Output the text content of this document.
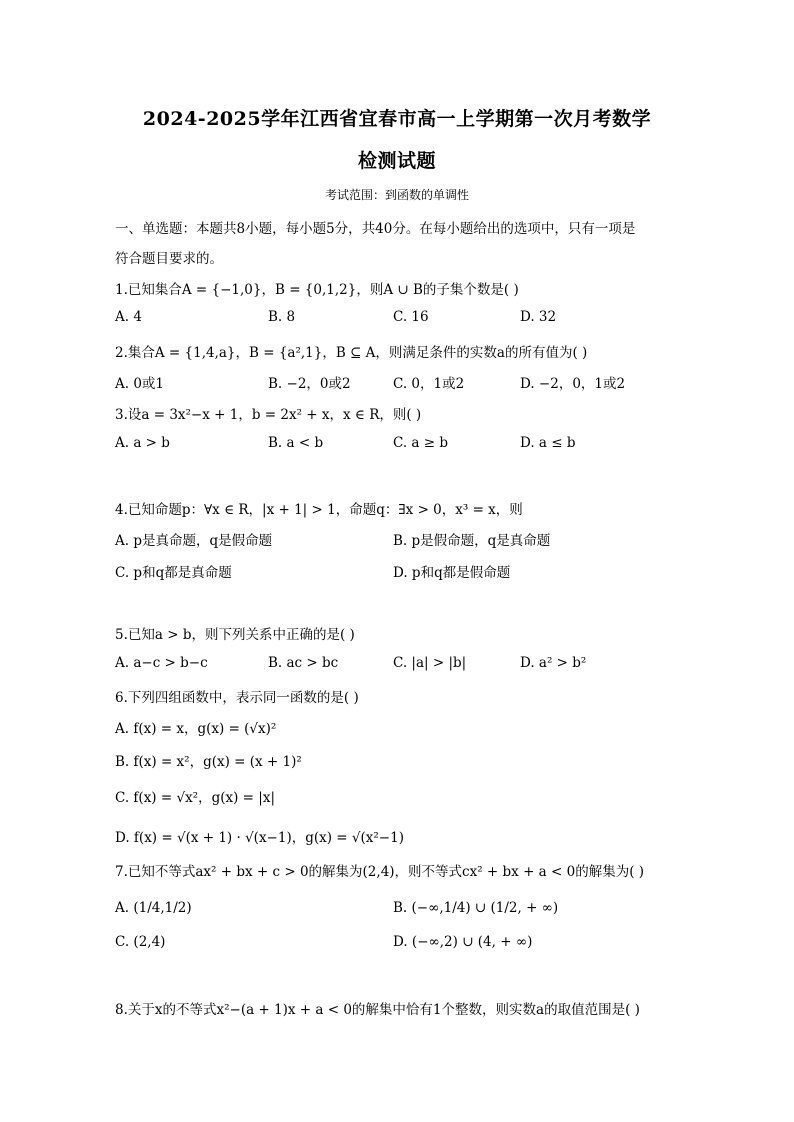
2024-2025学年江西省宜春市高一上学期第一次月考数学
检测试题
考试范围：到函数的单调性
一、单选题：本题共8小题，每小题5分，共40分。在每小题给出的选项中，只有一项是
符合题目要求的。
1.已知集合A = {−1,0}，B = {0,1,2}，则A ∪ B的子集个数是( )
A. 4	B. 8	C. 16	D. 32
2.集合A = {1,4,a}，B = {a²,1}，B ⊆ A，则满足条件的实数a的所有值为( )
A. 0或1	B. −2，0或2	C. 0，1或2	D. −2，0，1或2
3.设a = 3x²−x + 1，b = 2x² + x，x ∈ R，则( )
A. a > b	B. a < b	C. a ≥ b	D. a ≤ b
4.已知命题p：∀x ∈ R，|x + 1| > 1，命题q：∃x > 0，x³ = x，则
A. p是真命题，q是假命题	B. p是假命题，q是真命题
C. p和q都是真命题	D. p和q都是假命题
5.已知a > b，则下列关系中正确的是( )
A. a−c > b−c	B. ac > bc	C. |a| > |b|	D. a² > b²
6.下列四组函数中，表示同一函数的是( )
A. f(x) = x，g(x) = (√x)²
B. f(x) = x²，g(x) = (x + 1)²
C. f(x) = √x²，g(x) = |x|
D. f(x) = √(x + 1) · √(x−1)，g(x) = √(x²−1)
7.已知不等式ax² + bx + c > 0的解集为(2,4)，则不等式cx² + bx + a < 0的解集为( )
A. (1/4,1/2)	B. (−∞,1/4) ∪ (1/2, + ∞)
C. (2,4)	D. (−∞,2) ∪ (4, + ∞)
8.关于x的不等式x²−(a + 1)x + a < 0的解集中恰有1个整数，则实数a的取值范围是( )
